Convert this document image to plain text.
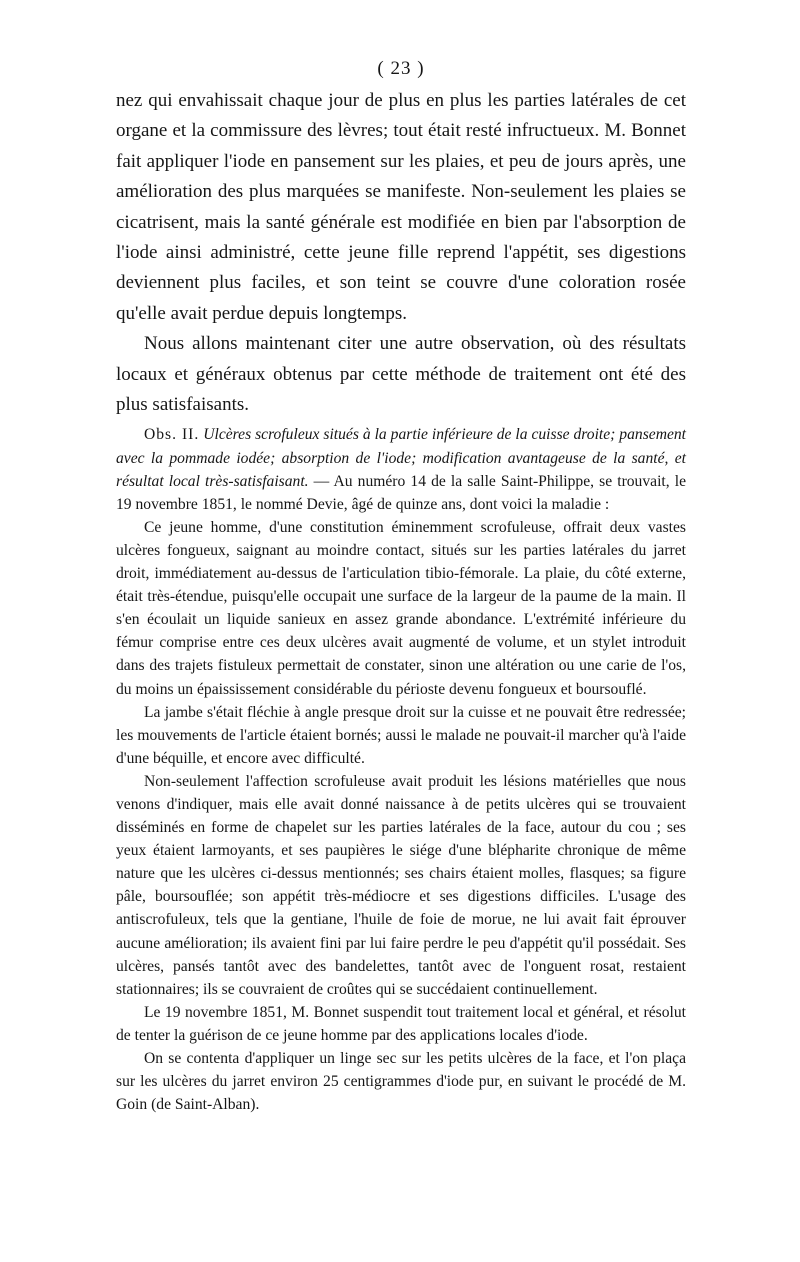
( 23 )

nez qui envahissait chaque jour de plus en plus les parties latérales de cet organe et la commissure des lèvres; tout était resté infructueux. M. Bonnet fait appliquer l'iode en pansement sur les plaies, et peu de jours après, une amélioration des plus marquées se manifeste. Non-seulement les plaies se cicatrisent, mais la santé générale est modifiée en bien par l'absorption de l'iode ainsi administré, cette jeune fille reprend l'appétit, ses digestions deviennent plus faciles, et son teint se couvre d'une coloration rosée qu'elle avait perdue depuis longtemps.

Nous allons maintenant citer une autre observation, où des résultats locaux et généraux obtenus par cette méthode de traitement ont été des plus satisfaisants.

Obs. II. Ulcères scrofuleux situés à la partie inférieure de la cuisse droite; pansement avec la pommade iodée; absorption de l'iode; modification avantageuse de la santé, et résultat local très-satisfaisant. — Au numéro 14 de la salle Saint-Philippe, se trouvait, le 19 novembre 1851, le nommé Devie, âgé de quinze ans, dont voici la maladie :

Ce jeune homme, d'une constitution éminemment scrofuleuse, offrait deux vastes ulcères fongueux, saignant au moindre contact, situés sur les parties latérales du jarret droit, immédiatement au-dessus de l'articulation tibio-fémorale. La plaie, du côté externe, était très-étendue, puisqu'elle occupait une surface de la largeur de la paume de la main. Il s'en écoulait un liquide sanieux en assez grande abondance. L'extrémité inférieure du fémur comprise entre ces deux ulcères avait augmenté de volume, et un stylet introduit dans des trajets fistuleux permettait de constater, sinon une altération ou une carie de l'os, du moins un épaississement considérable du périoste devenu fongueux et boursouflé.

La jambe s'était fléchie à angle presque droit sur la cuisse et ne pouvait être redressée; les mouvements de l'article étaient bornés; aussi le malade ne pouvait-il marcher qu'à l'aide d'une béquille, et encore avec difficulté.

Non-seulement l'affection scrofuleuse avait produit les lésions matérielles que nous venons d'indiquer, mais elle avait donné naissance à de petits ulcères qui se trouvaient disséminés en forme de chapelet sur les parties latérales de la face, autour du cou ; ses yeux étaient larmoyants, et ses paupières le siége d'une blépharite chronique de même nature que les ulcères ci-dessus mentionnés; ses chairs étaient molles, flasques; sa figure pâle, boursouflée; son appétit très-médiocre et ses digestions difficiles. L'usage des antiscrofuleux, tels que la gentiane, l'huile de foie de morue, ne lui avait fait éprouver aucune amélioration; ils avaient fini par lui faire perdre le peu d'appétit qu'il possédait. Ses ulcères, pansés tantôt avec des bandelettes, tantôt avec de l'onguent rosat, restaient stationnaires; ils se couvraient de croûtes qui se succédaient continuellement.

Le 19 novembre 1851, M. Bonnet suspendit tout traitement local et général, et résolut de tenter la guérison de ce jeune homme par des applications locales d'iode.

On se contenta d'appliquer un linge sec sur les petits ulcères de la face, et l'on plaça sur les ulcères du jarret environ 25 centigrammes d'iode pur, en suivant le procédé de M. Goin (de Saint-Alban).
